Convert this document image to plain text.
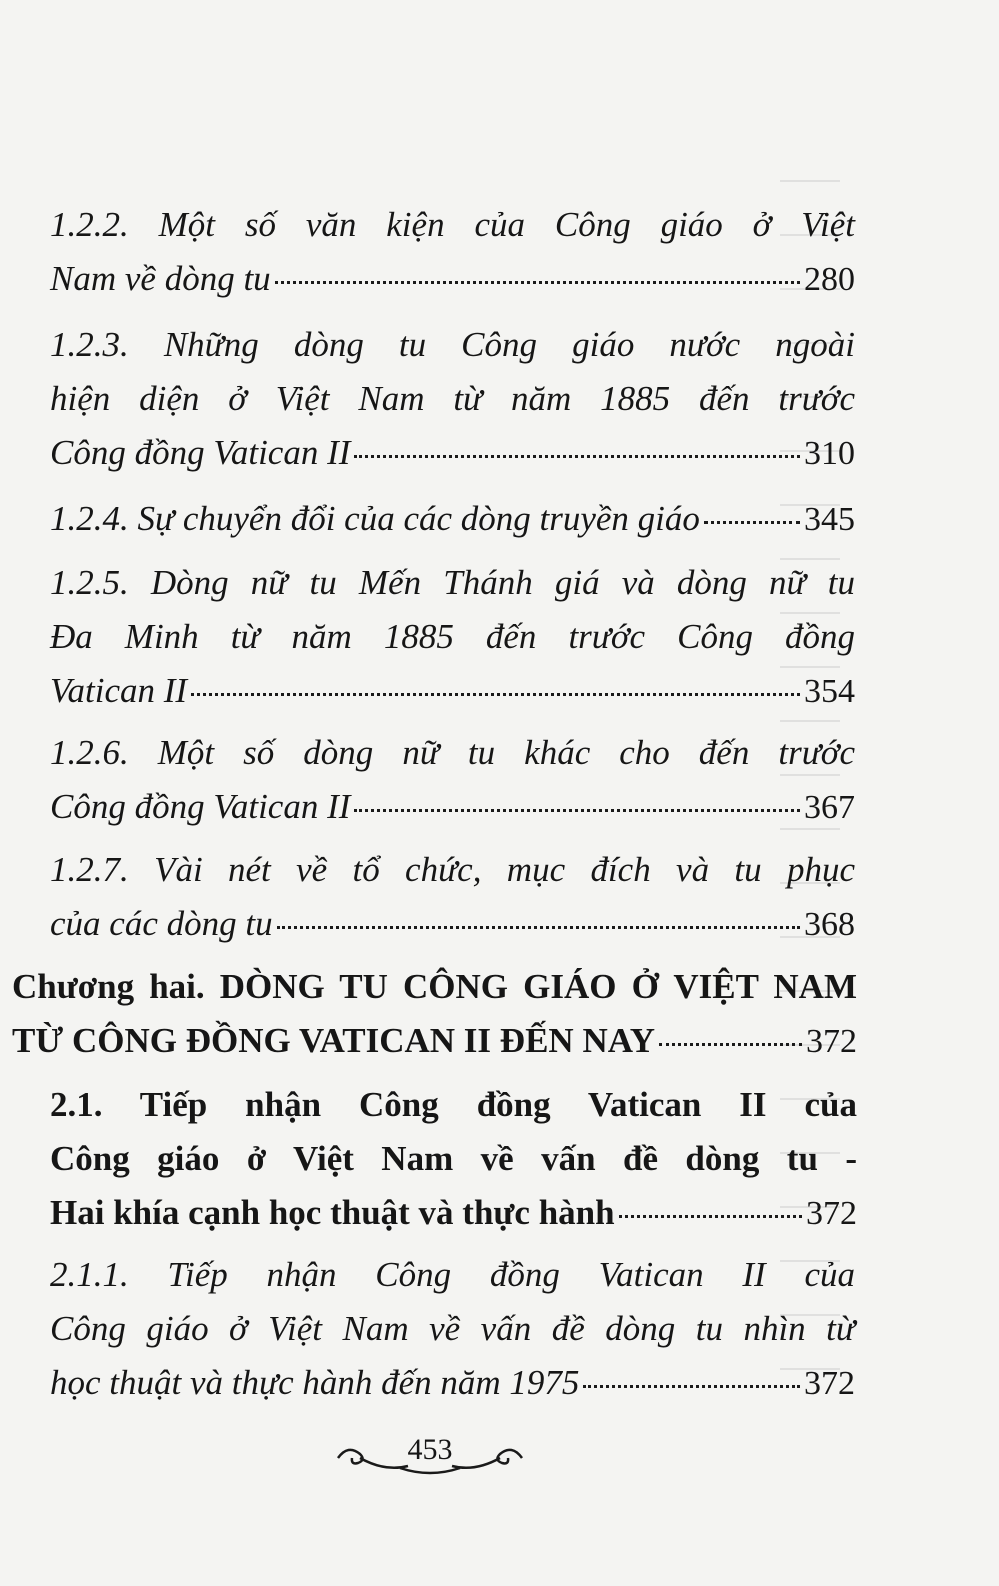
1.2.2. Một số văn kiện của Công giáo ở Việt
Nam về dòng tu	280
1.2.3. Những dòng tu Công giáo nước ngoài
hiện diện ở Việt Nam từ năm 1885 đến trước
Công đồng Vatican II	310
1.2.4. Sự chuyển đổi của các dòng truyền giáo	345
1.2.5. Dòng nữ tu Mến Thánh giá và dòng nữ tu
Đa Minh từ năm 1885 đến trước Công đồng
Vatican II	354
1.2.6. Một số dòng nữ tu khác cho đến trước
Công đồng Vatican II	367
1.2.7. Vài nét về tổ chức, mục đích và tu phục
của các dòng tu	368
Chương hai. DÒNG TU CÔNG GIÁO Ở VIỆT NAM
TỪ CÔNG ĐỒNG VATICAN II ĐẾN NAY	372
2.1. Tiếp nhận Công đồng Vatican II của
Công giáo ở Việt Nam về vấn đề dòng tu -
Hai khía cạnh học thuật và thực hành	372
2.1.1. Tiếp nhận Công đồng Vatican II của
Công giáo ở Việt Nam về vấn đề dòng tu nhìn từ
học thuật và thực hành đến năm 1975	372
453
